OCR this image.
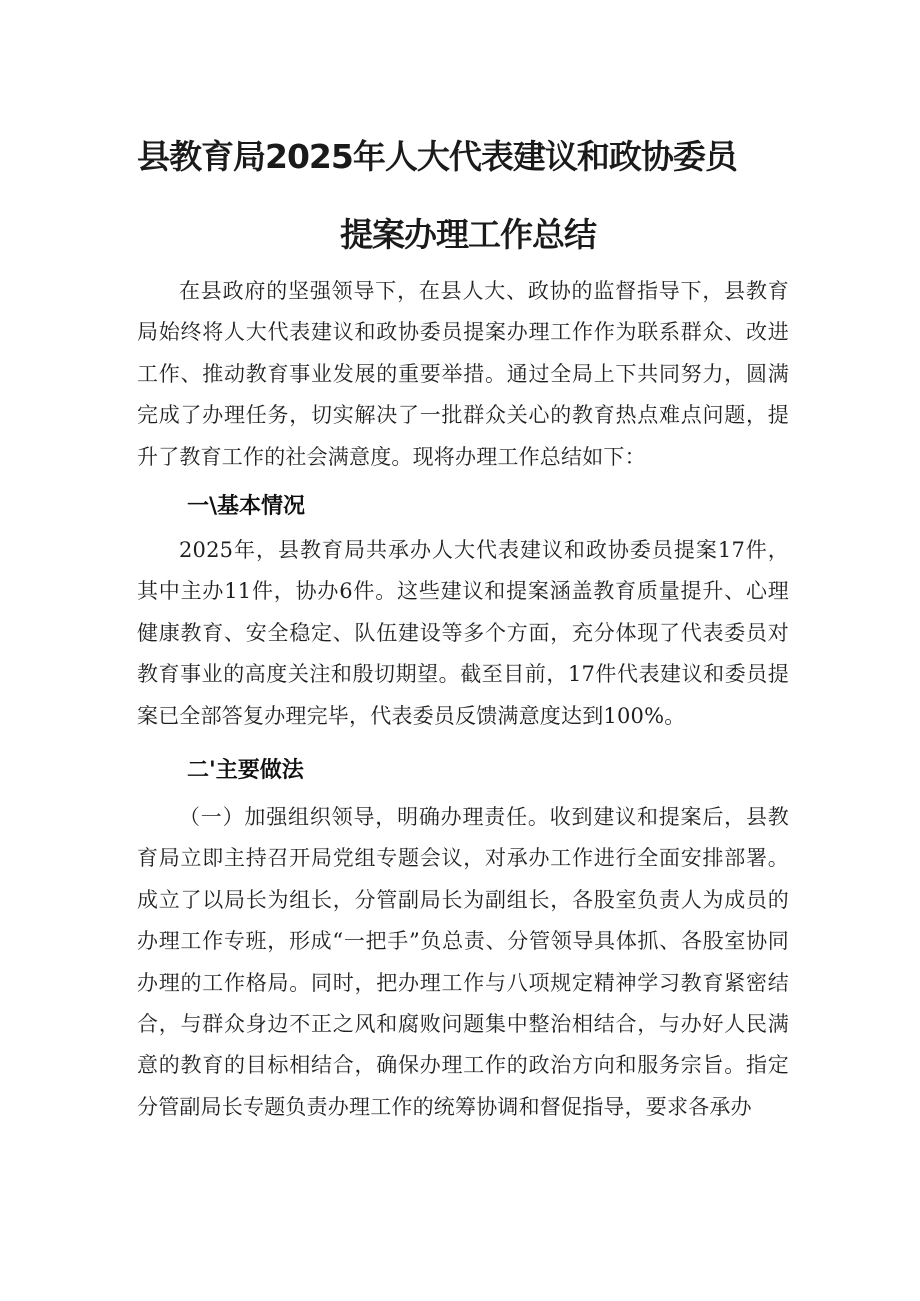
县教育局2025年人大代表建议和政协委员
提案办理工作总结

在县政府的坚强领导下，在县人大、政协的监督指导下，县教育局始终将人大代表建议和政协委员提案办理工作作为联系群众、改进工作、推动教育事业发展的重要举措。通过全局上下共同努力，圆满完成了办理任务，切实解决了一批群众关心的教育热点难点问题，提升了教育工作的社会满意度。现将办理工作总结如下：

一\基本情况

2025年，县教育局共承办人大代表建议和政协委员提案17件，其中主办11件，协办6件。这些建议和提案涵盖教育质量提升、心理健康教育、安全稳定、队伍建设等多个方面，充分体现了代表委员对教育事业的高度关注和殷切期望。截至目前，17件代表建议和委员提案已全部答复办理完毕，代表委员反馈满意度达到100%。

二'主要做法

（一）加强组织领导，明确办理责任。收到建议和提案后，县教育局立即主持召开局党组专题会议，对承办工作进行全面安排部署。成立了以局长为组长，分管副局长为副组长，各股室负责人为成员的办理工作专班，形成“一把手”负总责、分管领导具体抓、各股室协同办理的工作格局。同时，把办理工作与八项规定精神学习教育紧密结合，与群众身边不正之风和腐败问题集中整治相结合，与办好人民满意的教育的目标相结合，确保办理工作的政治方向和服务宗旨。指定分管副局长专题负责办理工作的统筹协调和督促指导，要求各承办
